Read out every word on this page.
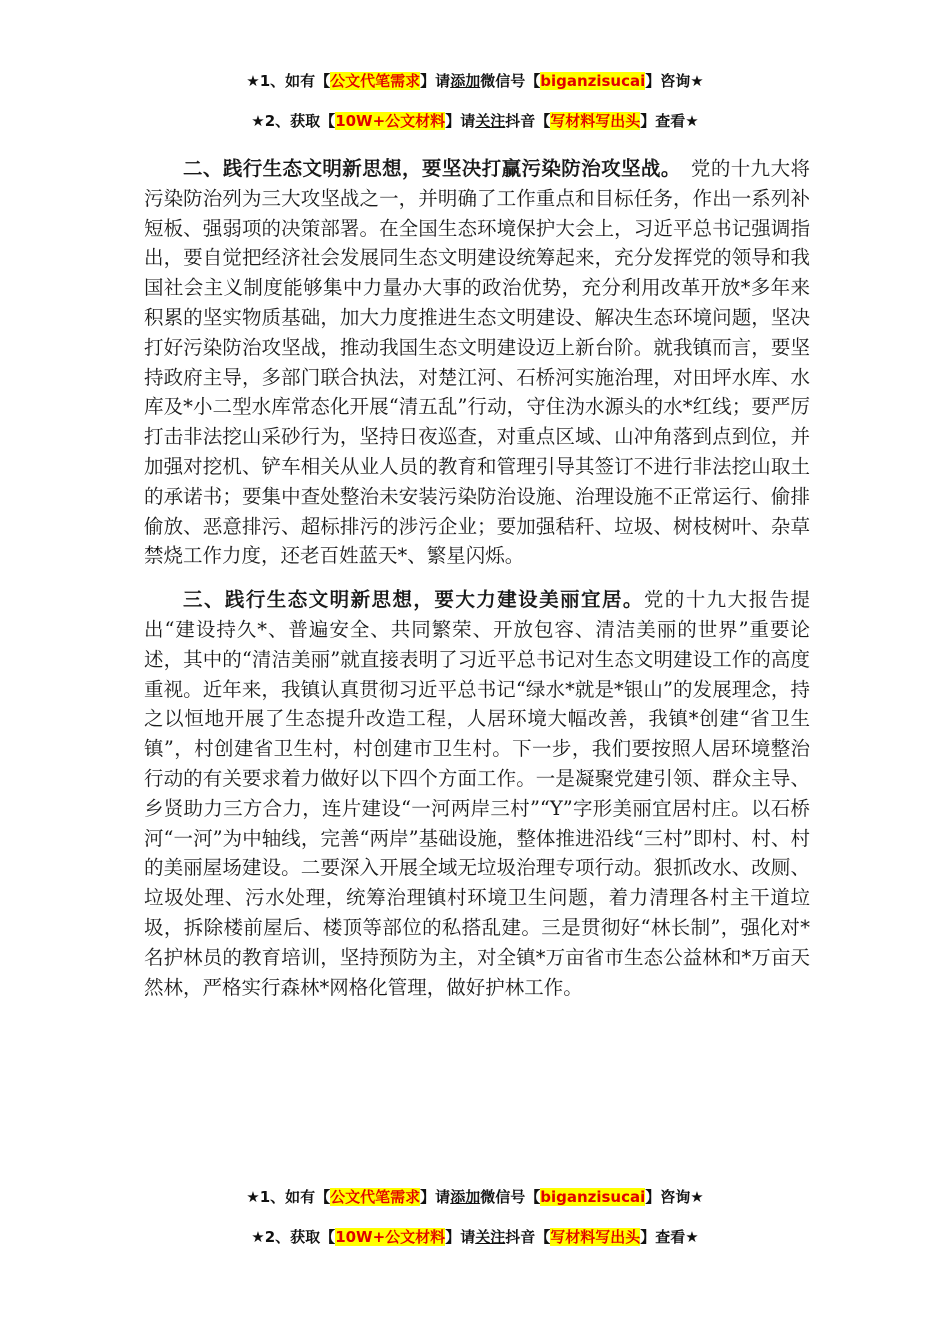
★1、如有【公文代笔需求】请添加微信号【biganzisucai】咨询★
★2、获取【10W+公文材料】请关注抖音【写材料写出头】查看★

二、践行生态文明新思想，要坚决打赢污染防治攻坚战。　党的十九大将污染防治列为三大攻坚战之一，并明确了工作重点和目标任务，作出一系列补短板、强弱项的决策部署。在全国生态环境保护大会上，习近平总书记强调指出，要自觉把经济社会发展同生态文明建设统筹起来，充分发挥党的领导和我国社会主义制度能够集中力量办大事的政治优势，充分利用改革开放*多年来积累的坚实物质基础，加大力度推进生态文明建设、解决生态环境问题，坚决打好污染防治攻坚战，推动我国生态文明建设迈上新台阶。就我镇而言，要坚持政府主导，多部门联合执法，对楚江河、石桥河实施治理，对田坪水库、水库及*小二型水库常态化开展“清五乱”行动，守住沩水源头的水*红线；要严厉打击非法挖山采砂行为，坚持日夜巡查，对重点区域、山冲角落到点到位，并加强对挖机、铲车相关从业人员的教育和管理引导其签订不进行非法挖山取土的承诺书；要集中查处整治未安装污染防治设施、治理设施不正常运行、偷排偷放、恶意排污、超标排污的涉污企业；要加强秸秆、垃圾、树枝树叶、杂草禁烧工作力度，还老百姓蓝天*、繁星闪烁。

三、践行生态文明新思想，要大力建设美丽宜居。党的十九大报告提出“建设持久*、普遍安全、共同繁荣、开放包容、清洁美丽的世界”重要论述，其中的“清洁美丽”就直接表明了习近平总书记对生态文明建设工作的高度重视。近年来，我镇认真贯彻习近平总书记“绿水*就是*银山”的发展理念，持之以恒地开展了生态提升改造工程，人居环境大幅改善，我镇*创建“省卫生镇”，村创建省卫生村，村创建市卫生村。下一步，我们要按照人居环境整治行动的有关要求着力做好以下四个方面工作。一是凝聚党建引领、群众主导、乡贤助力三方合力，连片建设“一河两岸三村”“Y”字形美丽宜居村庄。以石桥河“一河”为中轴线，完善“两岸”基础设施，整体推进沿线“三村”即村、村、村的美丽屋场建设。二要深入开展全域无垃圾治理专项行动。狠抓改水、改厕、垃圾处理、污水处理，统筹治理镇村环境卫生问题，着力清理各村主干道垃圾，拆除楼前屋后、楼顶等部位的私搭乱建。三是贯彻好“林长制”，强化对*名护林员的教育培训，坚持预防为主，对全镇*万亩省市生态公益林和*万亩天然林，严格实行森林*网格化管理，做好护林工作。

★1、如有【公文代笔需求】请添加微信号【biganzisucai】咨询★
★2、获取【10W+公文材料】请关注抖音【写材料写出头】查看★
